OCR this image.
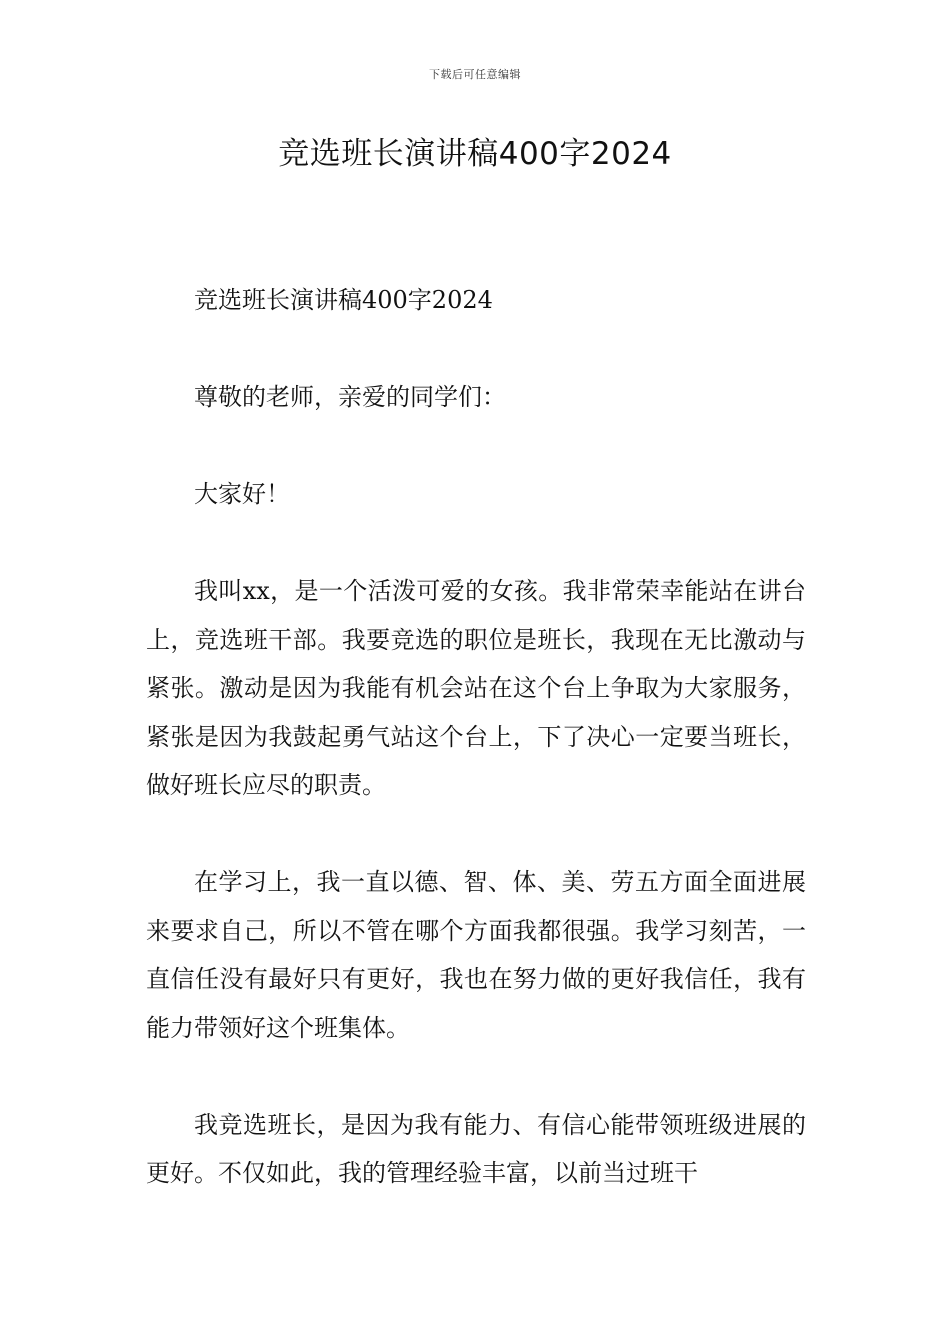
下载后可任意编辑
竞选班长演讲稿400字2024

竞选班长演讲稿400字2024

尊敬的老师，亲爱的同学们：

大家好！

我叫xx，是一个活泼可爱的女孩。我非常荣幸能站在讲台上，竞选班干部。我要竞选的职位是班长，我现在无比激动与紧张。激动是因为我能有机会站在这个台上争取为大家服务，紧张是因为我鼓起勇气站这个台上，下了决心一定要当班长，做好班长应尽的职责。

在学习上，我一直以德、智、体、美、劳五方面全面进展来要求自己，所以不管在哪个方面我都很强。我学习刻苦，一直信任没有最好只有更好，我也在努力做的更好我信任，我有能力带领好这个班集体。

我竞选班长，是因为我有能力、有信心能带领班级进展的更好。不仅如此，我的管理经验丰富，以前当过班干
